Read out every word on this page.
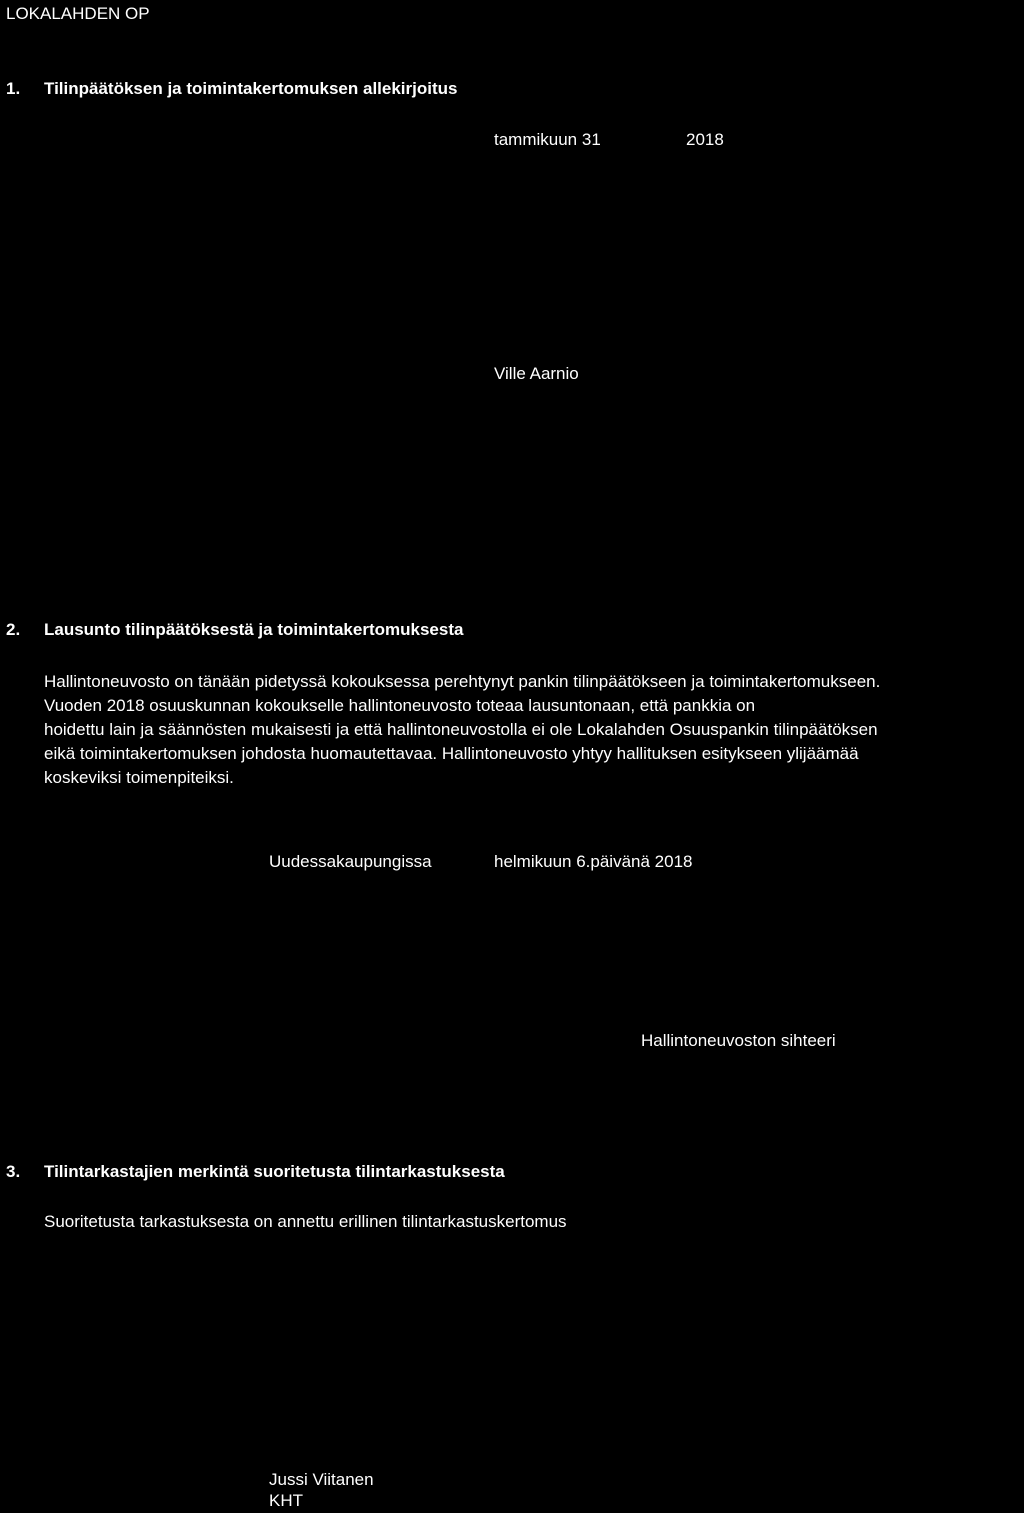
LOKALAHDEN OP
1. Tilinpäätöksen ja toimintakertomuksen allekirjoitus
tammikuun 31	2018
Ville Aarnio
2. Lausunto tilinpäätöksestä ja toimintakertomuksesta
Hallintoneuvosto on tänään pidetyssä kokouksessa perehtynyt pankin tilinpäätökseen ja toimintakertomukseen.
Vuoden 2018 osuuskunnan kokoukselle hallintoneuvosto toteaa lausuntonaan, että pankkia on
hoidettu lain ja säännösten mukaisesti ja että hallintoneuvostolla ei ole Lokalahden Osuuspankin tilinpäätöksen
eikä toimintakertomuksen johdosta huomautettavaa. Hallintoneuvosto yhtyy hallituksen esitykseen ylijäämää
koskeviksi toimenpiteiksi.
Uudessakaupungissa	helmikuun 6.päivänä 2018
Hallintoneuvoston sihteeri
3. Tilintarkastajien merkintä suoritetusta tilintarkastuksesta
Suoritetusta tarkastuksesta on annettu erillinen tilintarkastuskertomus
Jussi Viitanen
KHT
